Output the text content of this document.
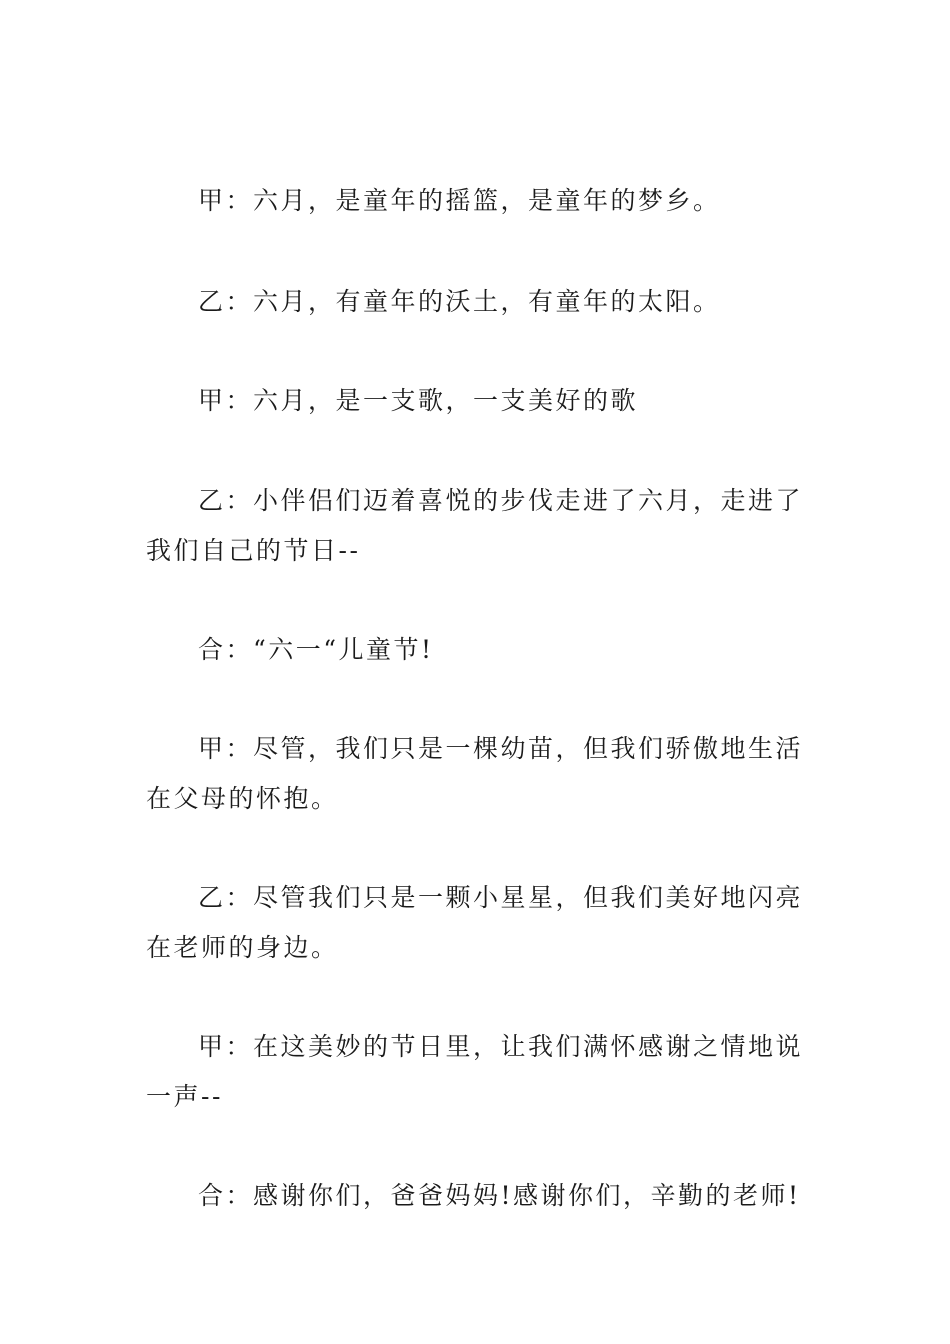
甲：六月，是童年的摇篮，是童年的梦乡。

乙：六月，有童年的沃土，有童年的太阳。

甲：六月，是一支歌，一支美好的歌

乙：小伴侣们迈着喜悦的步伐走进了六月，走进了我们自己的节日--

合：“六一“儿童节!

甲：尽管，我们只是一棵幼苗，但我们骄傲地生活在父母的怀抱。

乙：尽管我们只是一颗小星星，但我们美好地闪亮在老师的身边。

甲：在这美妙的节日里，让我们满怀感谢之情地说一声--

合：感谢你们，爸爸妈妈!感谢你们，辛勤的老师!
